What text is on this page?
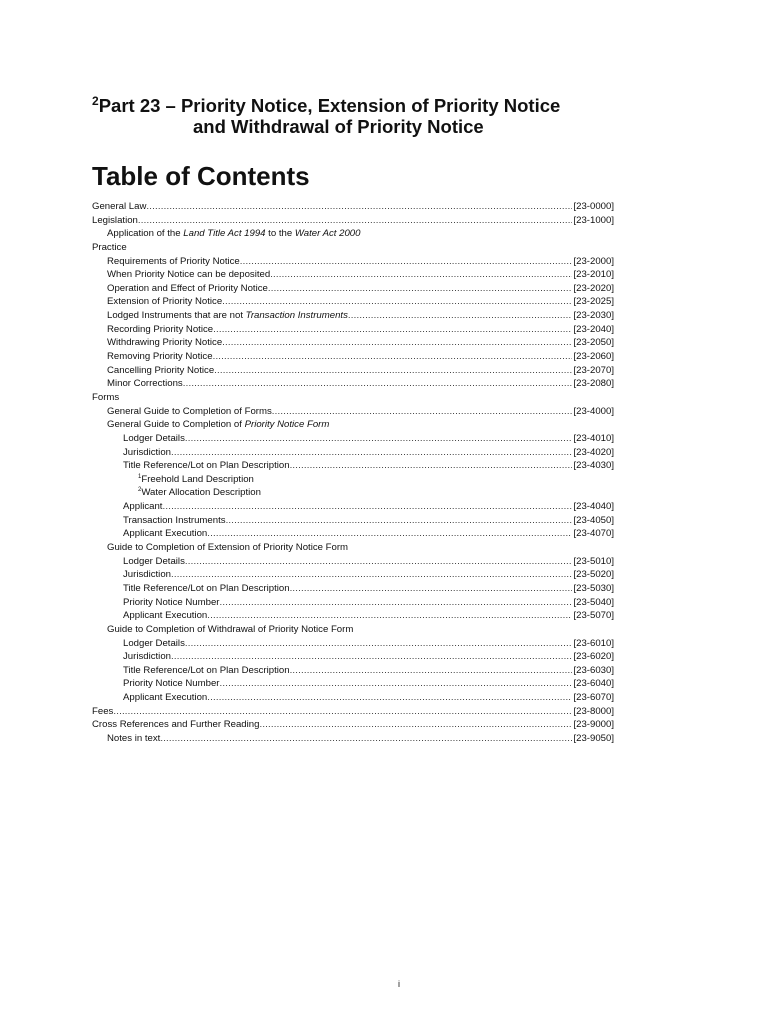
$^2$Part 23 – Priority Notice, Extension of Priority Notice
and Withdrawal of Priority Notice
Table of Contents
General Law .....	[23-0000]
Legislation .....	[23-1000]
Application of the Land Title Act 1994 to the Water Act 2000
Practice
Requirements of Priority Notice .....	[23-2000]
When Priority Notice can be deposited .....	[23-2010]
Operation and Effect of Priority Notice .....	[23-2020]
Extension of Priority Notice .....	[23-2025]
Lodged Instruments that are not Transaction Instruments .....	[23-2030]
Recording Priority Notice .....	[23-2040]
Withdrawing Priority Notice .....	[23-2050]
Removing Priority Notice .....	[23-2060]
Cancelling Priority Notice .....	[23-2070]
Minor Corrections .....	[23-2080]
Forms
General Guide to Completion of Forms .....	[23-4000]
General Guide to Completion of Priority Notice Form
Lodger Details .....	[23-4010]
Jurisdiction .....	[23-4020]
Title Reference/Lot on Plan Description .....	[23-4030]
$^1$Freehold Land Description
$^2$Water Allocation Description
Applicant .....	[23-4040]
Transaction Instruments .....	[23-4050]
Applicant Execution .....	[23-4070]
Guide to Completion of Extension of Priority Notice Form
Lodger Details .....	[23-5010]
Jurisdiction .....	[23-5020]
Title Reference/Lot on Plan Description .....	[23-5030]
Priority Notice Number .....	[23-5040]
Applicant Execution .....	[23-5070]
Guide to Completion of Withdrawal of Priority Notice Form
Lodger Details .....	[23-6010]
Jurisdiction .....	[23-6020]
Title Reference/Lot on Plan Description .....	[23-6030]
Priority Notice Number .....	[23-6040]
Applicant Execution .....	[23-6070]
Fees .....	[23-8000]
Cross References and Further Reading .....	[23-9000]
Notes in text .....	[23-9050]
i
